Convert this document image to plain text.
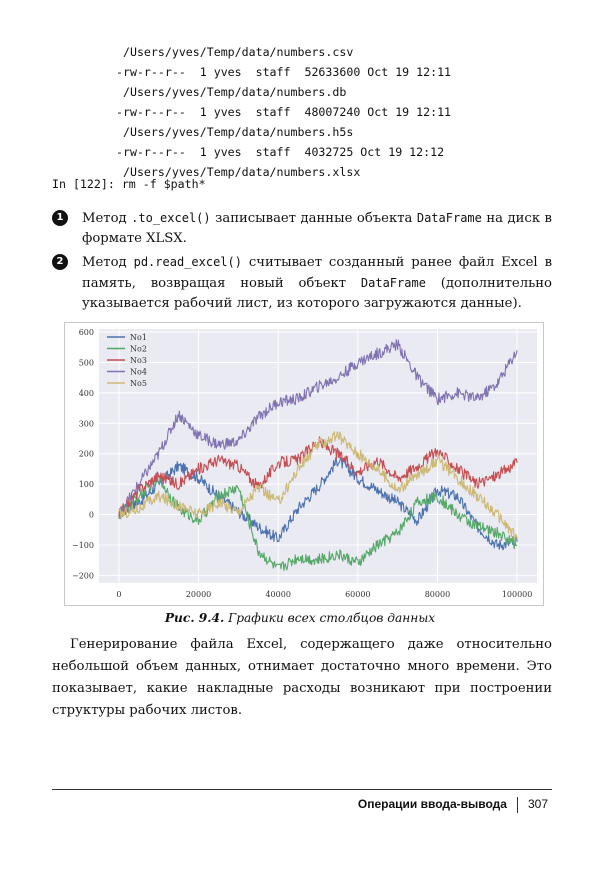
/Users/yves/Temp/data/numbers.csv
-rw-r--r--  1 yves  staff  52633600 Oct 19 12:11
/Users/yves/Temp/data/numbers.db
-rw-r--r--  1 yves  staff  48007240 Oct 19 12:11
/Users/yves/Temp/data/numbers.h5s
-rw-r--r--  1 yves  staff  4032725 Oct 19 12:12
/Users/yves/Temp/data/numbers.xlsx
In [122]: rm -f $path*
1	Метод .to_excel() записывает данные объекта DataFrame на диск в формате XLSX.
2	Метод pd.read_excel() считывает созданный ранее файл Excel в память, возвращая новый объект DataFrame (дополнительно указывается рабочий лист, из которого загружаются данные).
−200
−100
0
100
200
300
400
500
600
0	20000	40000	60000	80000	100000
No1
No2
No3
No4
No5
Рис. 9.4. Графики всех столбцов данных
Генерирование файла Excel, содержащего даже относительно небольшой объем данных, отнимает достаточно много времени. Это показывает, какие накладные расходы возникают при построении структуры рабочих листов.
Операции ввода-вывода 307
